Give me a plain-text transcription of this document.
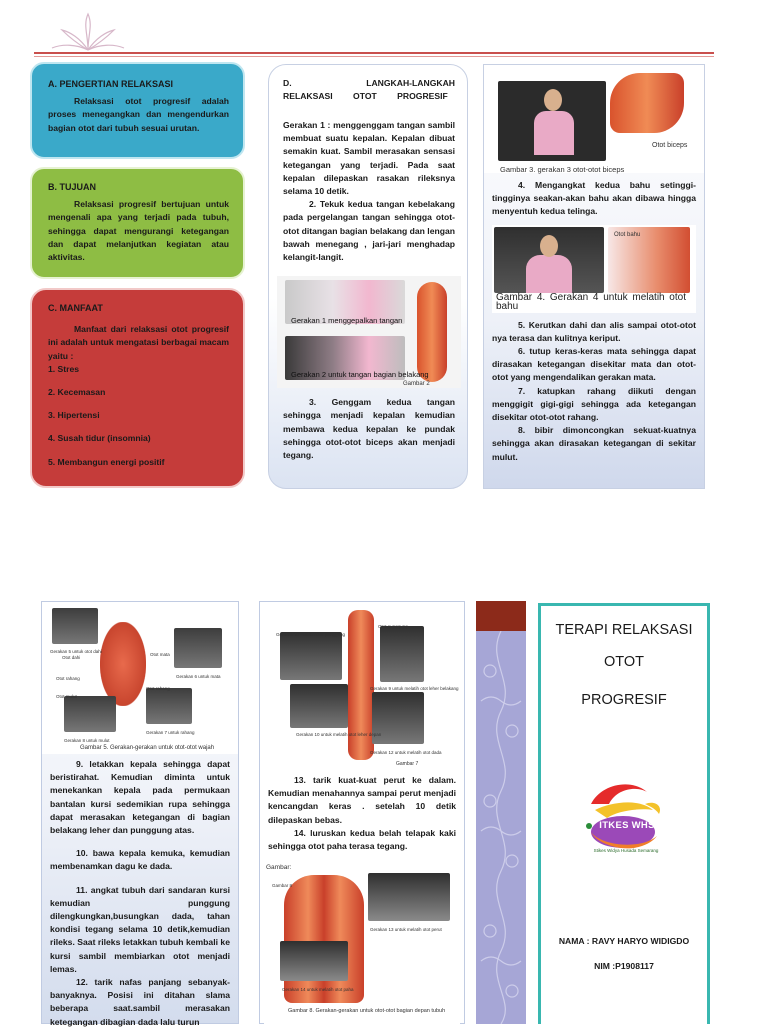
A. PENGERTIAN RELAKSASI

Relaksasi otot progresif adalah proses menegangkan dan mengendurkan bagian otot dari tubuh sesuai urutan.

B. TUJUAN

Relaksasi progresif bertujuan untuk mengenali apa yang terjadi pada tubuh, sehingga dapat mengurangi ketegangan dan dapat melanjutkan kegiatan atau aktivitas.

C. MANFAAT

Manfaat dari relaksasi otot progresif ini adalah untuk mengatasi berbagai macam yaitu :

1. Stres

2. Kecemasan

3. Hipertensi

4. Susah tidur (insomnia)

5. Membangun energi positif

D. LANGKAH-LANGKAH RELAKSASI OTOT PROGRESIF

Gerakan 1 : menggenggam tangan sambil membuat suatu kepalan. Kepalan dibuat semakin kuat. Sambil merasakan sensasi ketegangan yang terjadi. Pada saat kepalan dilepaskan rasakan rileksnya selama 10 detik.

2. Tekuk kedua tangan kebelakang pada pergelangan tangan sehingga otot-otot ditangan bagian belakang dan lengan bawah menegang , jari-jari menghadap kelangit-langit.

Gerakan 1 menggepalkan tangan
Gerakan 2 untuk tangan bagian belakang
Gambar 2

3. Genggam kedua tangan sehingga menjadi kepalan kemudian membawa kedua kepalan ke pundak sehingga otot-otot biceps akan menjadi tegang.

Otot biceps
Gambar 3. gerakan 3 otot-otot biceps

4. Mengangkat kedua bahu setinggi-tingginya seakan-akan bahu akan dibawa hingga menyentuh kedua telinga.

Otot bahu
Gambar 4. Gerakan 4 untuk melatih otot bahu

5. Kerutkan dahi dan alis sampai otot-otot nya terasa dan kulitnya keriput.

6. tutup keras-keras mata sehingga dapat dirasakan ketegangan disekitar mata dan otot-otot yang mengendalikan gerakan mata.

7. katupkan rahang diikuti dengan menggigit gigi-gigi sehingga ada ketegangan disekitar otot-otot rahang.

8. bibir dimoncongkan sekuat-kuatnya sehingga akan dirasakan ketegangan di sekitar mulut.

Gerakan 5 untuk otot dahi
Otot dahi
Otot mata
Gerakan 6 untuk mata
Otot rahang
Otot rahang
Otot mulut
Gerakan 7 untuk rahang
Gerakan 8 untuk mulut
Gambar 5. Gerakan-gerakan untuk otot-otot wajah

9. letakkan kepala sehingga dapat beristirahat. Kemudian diminta untuk menekankan kepala pada permukaan bantalan kursi sedemikian rupa sehingga dapat merasakan ketegangan di bagian belakang leher dan punggung atas.

10. bawa kepala kemuka, kemudian membenamkan dagu ke dada.

11. angkat tubuh dari sandaran kursi kemudian punggung dilengkungkan,busungkan dada, tahan kondisi tegang selama 10 detik,kemudian rileks. Saat rileks letakkan tubuh kembali ke kursi sambil membiarkan otot menjadi lemas.

12. tarik nafas panjang sebanyak-banyaknya. Posisi ini ditahan slama beberapa saat.sambil merasakan ketegangan dibagian dada lalu turun

Gerakan 11 melatih otot punggung
Otot punggung
Gerakan 9 untuk melatih otot leher belakang
Gerakan 10 untuk melatih otot leher depan
Gerakan 12 untuk melatih otot dada
Gambar 7

13. tarik kuat-kuat perut ke dalam. Kemudian menahannya sampai perut menjadi kencangdan keras . setelah 10 detik dilepaskan bebas.

14. luruskan kedua belah telapak kaki sehingga otot paha terasa tegang.

Gambar:
Gambar 8
Gerakan 13 untuk melatih otot perut
Gerakan 14 untuk melatih otot paha
Gambar 8. Gerakan-gerakan untuk otot-otot bagian depan tubuh
TERAPI RELAKSASI
OTOT
PROGRESIF
ITKES WHS
Stikes Widya Husada Semarang
NAMA : RAVY HARYO WIDIGDO
NIM :P1908117
